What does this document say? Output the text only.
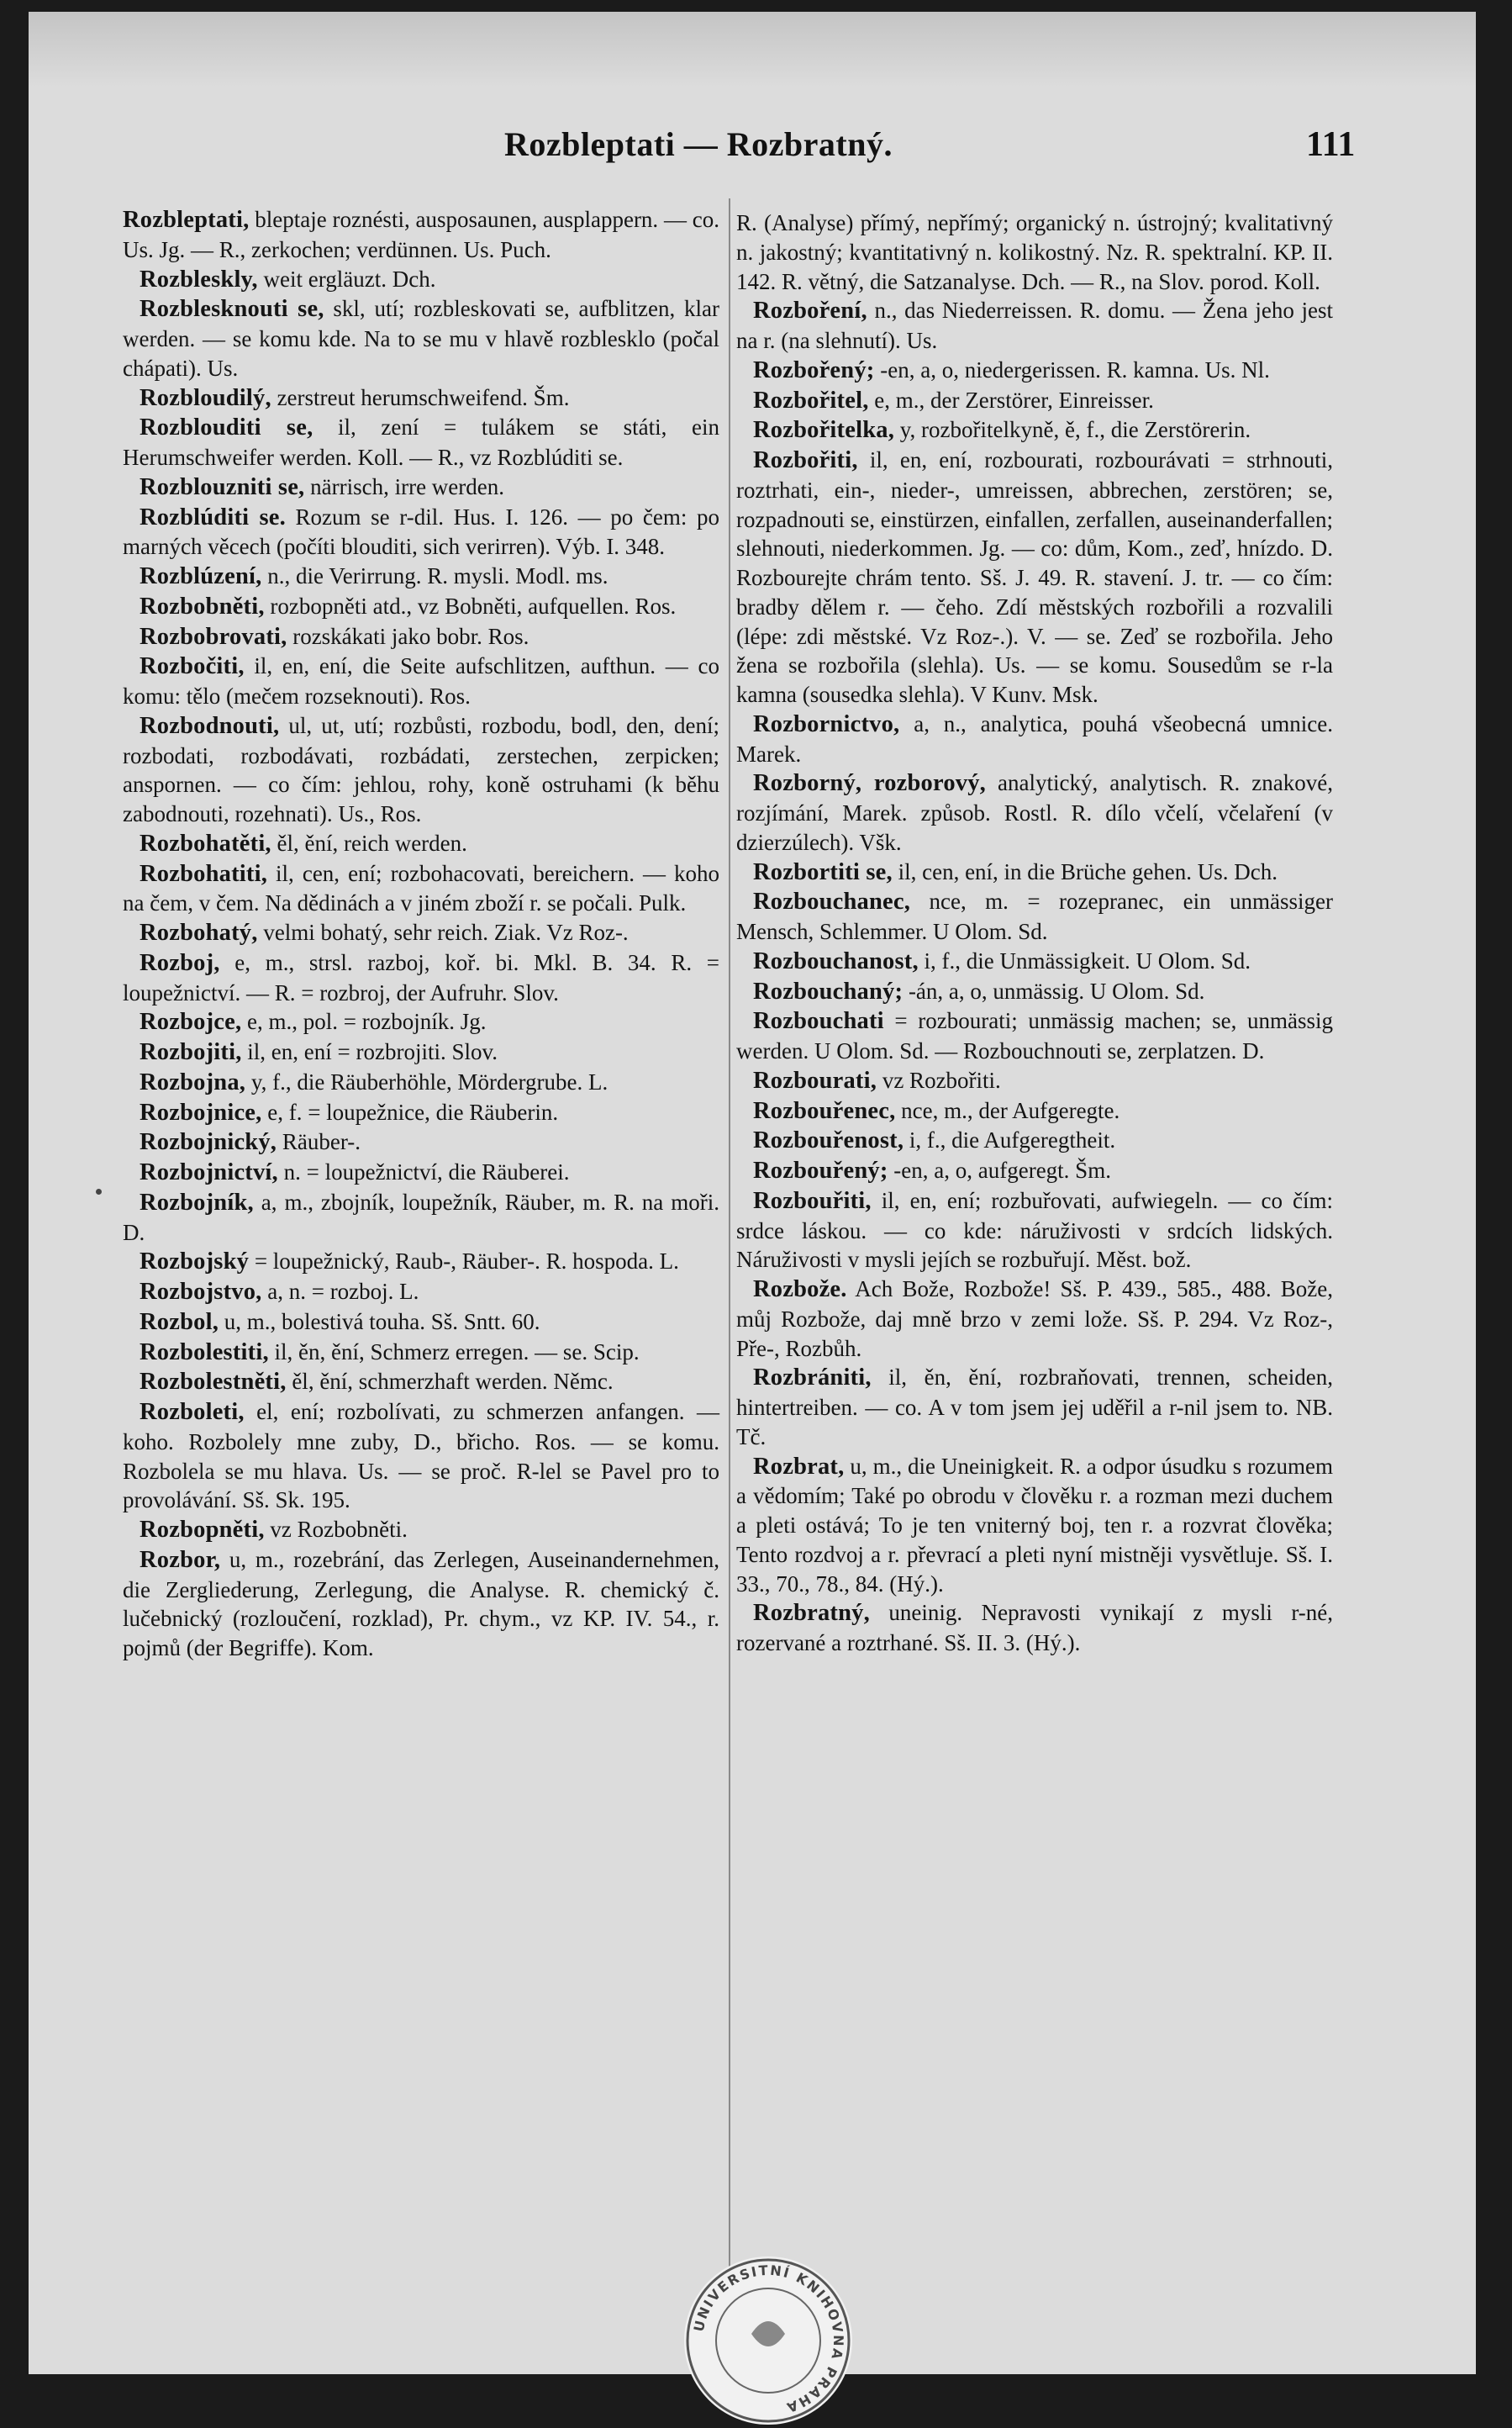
Rozbleptati — Rozbratný.	111

Rozbleptati, bleptaje roznésti, ausposaunen, ausplappern. — co. Us. Jg. — R., zerkochen; verdünnen. Us. Puch.

Rozbleskly, weit ergläuzt. Dch.

Rozblesknouti se, skl, utí; rozbleskovati se, aufblitzen, klar werden. — se komu kde. Na to se mu v hlavě rozblesklo (počal chápati). Us.

Rozbloudilý, zerstreut herumschweifend. Šm.

Rozblouditi se, il, zení = tulákem se státi, ein Herumschweifer werden. Koll. — R., vz Rozblúditi se.

Rozblouzniti se, närrisch, irre werden.

Rozblúditi se. Rozum se r-dil. Hus. I. 126. — po čem: po marných věcech (počíti blouditi, sich verirren). Výb. I. 348.

Rozblúzení, n., die Verirrung. R. mysli. Modl. ms.

Rozbobněti, rozbopněti atd., vz Bobněti, aufquellen. Ros.

Rozbobrovati, rozskákati jako bobr. Ros.

Rozbočiti, il, en, ení, die Seite aufschlitzen, aufthun. — co komu: tělo (mečem rozseknouti). Ros.

Rozbodnouti, ul, ut, utí; rozbůsti, rozbodu, bodl, den, dení; rozbodati, rozbodávati, rozbádati, zerstechen, zerpicken; anspornen. — co čím: jehlou, rohy, koně ostruhami (k běhu zabodnouti, rozehnati). Us., Ros.

Rozbohatěti, ěl, ění, reich werden.

Rozbohatiti, il, cen, ení; rozbohacovati, bereichern. — koho na čem, v čem. Na dědinách a v jiném zboží r. se počali. Pulk.

Rozbohatý, velmi bohatý, sehr reich. Ziak. Vz Roz-.

Rozboj, e, m., strsl. razboj, koř. bi. Mkl. B. 34. R. = loupežnictví. — R. = rozbroj, der Aufruhr. Slov.

Rozbojce, e, m., pol. = rozbojník. Jg.

Rozbojiti, il, en, ení = rozbrojiti. Slov.

Rozbojna, y, f., die Räuberhöhle, Mördergrube. L.

Rozbojnice, e, f. = loupežnice, die Räuberin.

Rozbojnický, Räuber-.

Rozbojnictví, n. = loupežnictví, die Räuberei.

Rozbojník, a, m., zbojník, loupežník, Räuber, m. R. na moři. D.

Rozbojský = loupežnický, Raub-, Räuber-. R. hospoda. L.

Rozbojstvo, a, n. = rozboj. L.

Rozbol, u, m., bolestivá touha. Sš. Sntt. 60.

Rozbolestiti, il, ěn, ění, Schmerz erregen. — se. Scip.

Rozbolestněti, ěl, ění, schmerzhaft werden. Němc.

Rozboleti, el, ení; rozbolívati, zu schmerzen anfangen. — koho. Rozbolely mne zuby, D., břicho. Ros. — se komu. Rozbolela se mu hlava. Us. — se proč. R-lel se Pavel pro to provolávání. Sš. Sk. 195.

Rozbopněti, vz Rozbobněti.

Rozbor, u, m., rozebrání, das Zerlegen, Auseinandernehmen, die Zergliederung, Zerlegung, die Analyse. R. chemický č. lučebnický (rozloučení, rozklad), Pr. chym., vz KP. IV. 54., r. pojmů (der Begriffe). Kom.

R. (Analyse) přímý, nepřímý; organický n. ústrojný; kvalitativný n. jakostný; kvantitativný n. kolikostný. Nz. R. spektralní. KP. II. 142. R. větný, die Satzanalyse. Dch. — R., na Slov. porod. Koll.

Rozboření, n., das Niederreissen. R. domu. — Žena jeho jest na r. (na slehnutí). Us.

Rozbořený; -en, a, o, niedergerissen. R. kamna. Us. Nl.

Rozbořitel, e, m., der Zerstörer, Einreisser.

Rozbořitelka, y, rozbořitelkyně, ě, f., die Zerstörerin.

Rozbořiti, il, en, ení, rozbourati, rozbourávati = strhnouti, roztrhati, ein-, nieder-, umreissen, abbrechen, zerstören; se, rozpadnouti se, einstürzen, einfallen, zerfallen, auseinanderfallen; slehnouti, niederkommen. Jg. — co: dům, Kom., zeď, hnízdo. D. Rozbourejte chrám tento. Sš. J. 49. R. stavení. J. tr. — co čím: bradby dělem r. — čeho. Zdí městských rozbořili a rozvalili (lépe: zdi městské. Vz Roz-.). V. — se. Zeď se rozbořila. Jeho žena se rozbořila (slehla). Us. — se komu. Sousedům se r-la kamna (sousedka slehla). V Kunv. Msk.

Rozbornictvo, a, n., analytica, pouhá všeobecná umnice. Marek.

Rozborný, rozborový, analytický, analytisch. R. znakové, rozjímání, Marek. způsob. Rostl. R. dílo včelí, včelaření (v dzierzúlech). Všk.

Rozbortiti se, il, cen, ení, in die Brüche gehen. Us. Dch.

Rozbouchanec, nce, m. = rozepranec, ein unmässiger Mensch, Schlemmer. U Olom. Sd.

Rozbouchanost, i, f., die Unmässigkeit. U Olom. Sd.

Rozbouchaný; -án, a, o, unmässig. U Olom. Sd.

Rozbouchati = rozbourati; unmässig machen; se, unmässig werden. U Olom. Sd. — Rozbouchnouti se, zerplatzen. D.

Rozbourati, vz Rozbořiti.

Rozbouřenec, nce, m., der Aufgeregte.

Rozbouřenost, i, f., die Aufgeregtheit.

Rozbouřený; -en, a, o, aufgeregt. Šm.

Rozbouřiti, il, en, ení; rozbuřovati, aufwiegeln. — co čím: srdce láskou. — co kde: náruživosti v srdcích lidských. Náruživosti v mysli jejích se rozbuřují. Měst. bož.

Rozbože. Ach Bože, Rozbože! Sš. P. 439., 585., 488. Bože, můj Rozbože, daj mně brzo v zemi lože. Sš. P. 294. Vz Roz-, Pře-, Rozbůh.

Rozbrániti, il, ěn, ění, rozbraňovati, trennen, scheiden, hintertreiben. — co. A v tom jsem jej uděřil a r-nil jsem to. NB. Tč.

Rozbrat, u, m., die Uneinigkeit. R. a odpor úsudku s rozumem a vědomím; Také po obrodu v člověku r. a rozman mezi duchem a pleti ostává; To je ten vniterný boj, ten r. a rozvrat člověka; Tento rozdvoj a r. převrací a pleti nyní mistněji vysvětluje. Sš. I. 33., 70., 78., 84. (Hý.).

Rozbratný, uneinig. Nepravosti vynikají z mysli r-né, rozervané a roztrhané. Sš. II. 3. (Hý.).

UNIVERSITNÍ KNIHOVNA PRAHA
